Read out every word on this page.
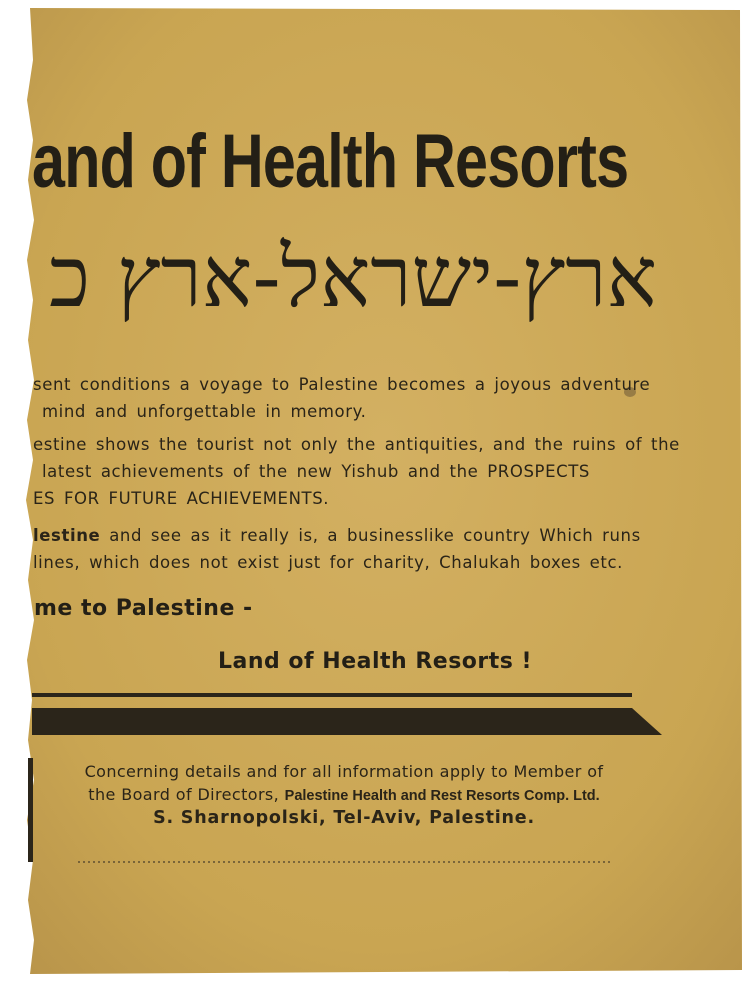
and of Health Resorts
ארץ-ישראל-ארץ כ
sent conditions a voyage to Palestine becomes a joyous adventure
mind and unforgettable in memory.
estine shows the tourist not only the antiquities, and the ruins of the
latest achievements of the new Yishub and the PROSPECTS
ES FOR FUTURE ACHIEVEMENTS.
lestine and see as it really is, a businesslike country Which runs
lines, which does not exist just for charity, Chalukah boxes etc.
me to Palestine -
Land of Health Resorts !
Concerning details and for all information apply to Member of
the Board of Directors, Palestine Health and Rest Resorts Comp. Ltd.
S. Sharnopolski, Tel-Aviv, Palestine.
